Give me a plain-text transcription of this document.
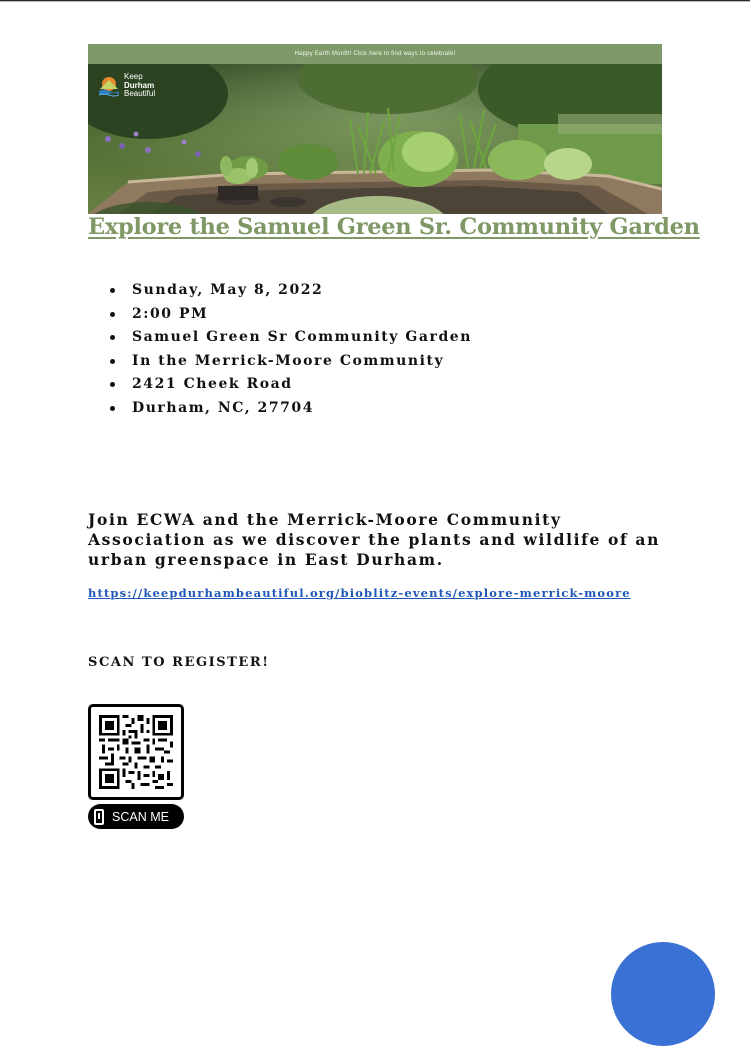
Happy Earth Month! Click here to find ways to celebrate!
Keep
Durham
Beautiful
Explore the Samuel Green Sr. Community Garden
Sunday, May 8, 2022
2:00 PM
Samuel Green Sr Community Garden
In the Merrick-Moore Community
2421 Cheek Road
Durham, NC, 27704

Join ECWA and the Merrick-Moore Community Association as we discover the plants and wildlife of an urban greenspace in East Durham.

https://keepdurhambeautiful.org/bioblitz-events/explore-merrick-moore
SCAN TO REGISTER!
SCAN ME
